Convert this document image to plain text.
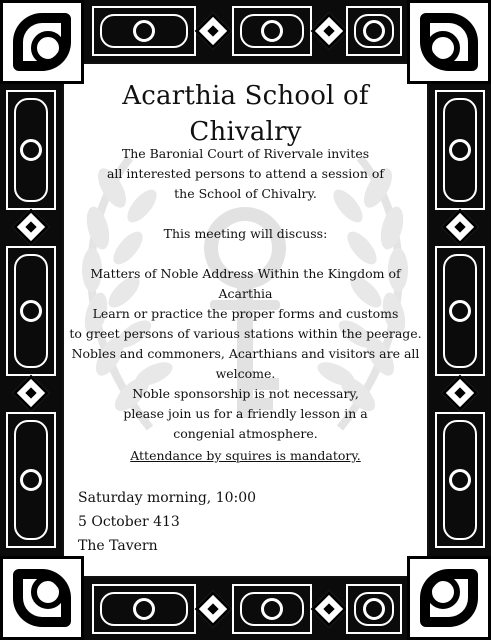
Acarthia School of Chivalry
The Baronial Court of Rivervale invites
all interested persons to attend a session of
the School of Chivalry.
This meeting will discuss:
Matters of Noble Address Within the Kingdom of Acarthia
Learn or practice the proper forms and customs
to greet persons of various stations within the peerage.
Nobles and commoners, Acarthians and visitors are all welcome.
Noble sponsorship is not necessary,
please join us for a friendly lesson in a
congenial atmosphere.
Attendance by squires is mandatory.
Saturday morning, 10:00
5 October 413
The Tavern
